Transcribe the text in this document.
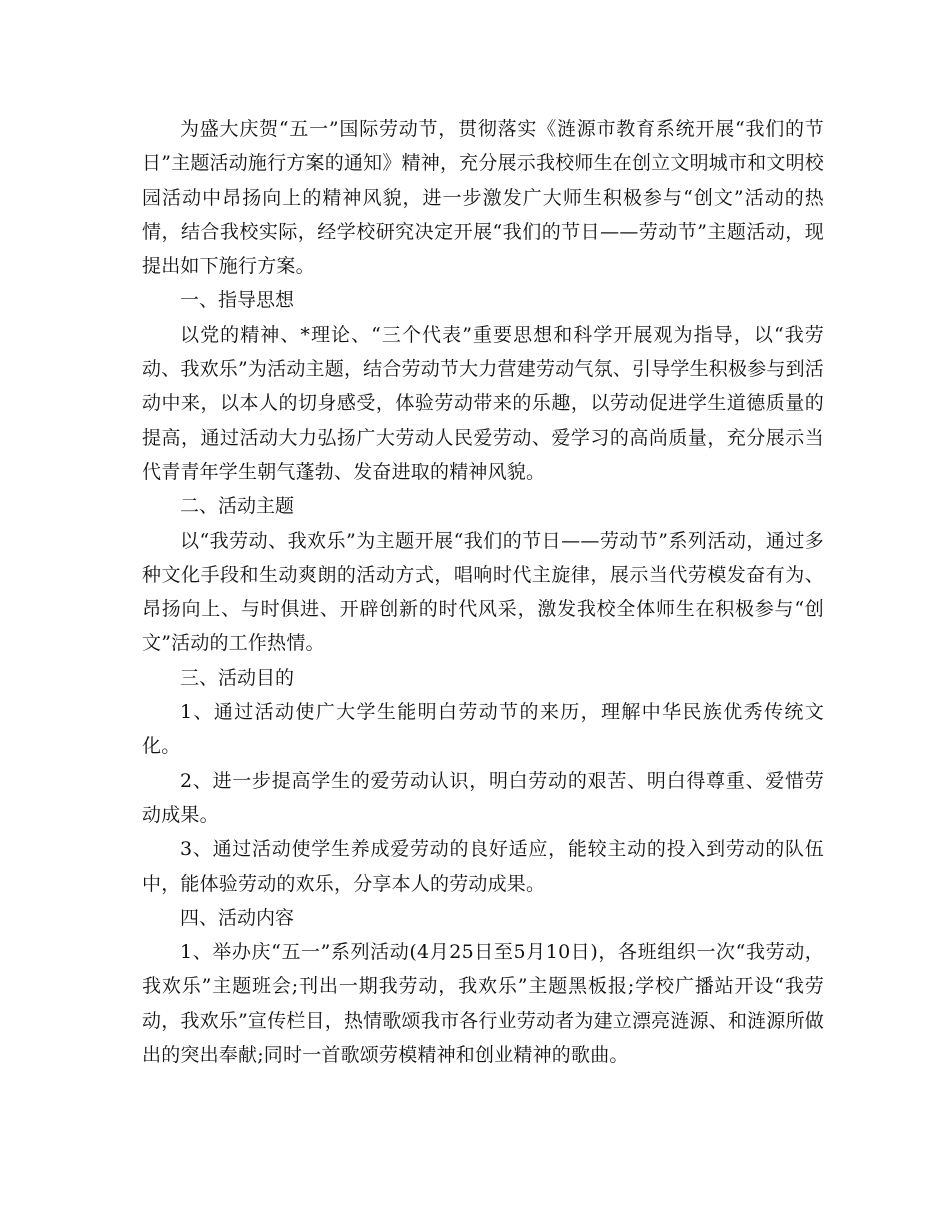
为盛大庆贺“五一”国际劳动节，贯彻落实《涟源市教育系统开展“我们的节日”主题活动施行方案的通知》精神，充分展示我校师生在创立文明城市和文明校园活动中昂扬向上的精神风貌，进一步激发广大师生积极参与“创文”活动的热情，结合我校实际，经学校研究决定开展“我们的节日——劳动节”主题活动，现提出如下施行方案。

一、指导思想

以党的精神、*理论、“三个代表”重要思想和科学开展观为指导，以“我劳动、我欢乐”为活动主题，结合劳动节大力营建劳动气氛、引导学生积极参与到活动中来，以本人的切身感受，体验劳动带来的乐趣，以劳动促进学生道德质量的提高，通过活动大力弘扬广大劳动人民爱劳动、爱学习的高尚质量，充分展示当代青青年学生朝气蓬勃、发奋进取的精神风貌。

二、活动主题

以“我劳动、我欢乐”为主题开展“我们的节日——劳动节”系列活动，通过多种文化手段和生动爽朗的活动方式，唱响时代主旋律，展示当代劳模发奋有为、昂扬向上、与时俱进、开辟创新的时代风采，激发我校全体师生在积极参与“创文”活动的工作热情。

三、活动目的

1、通过活动使广大学生能明白劳动节的来历，理解中华民族优秀传统文化。

2、进一步提高学生的爱劳动认识，明白劳动的艰苦、明白得尊重、爱惜劳动成果。

3、通过活动使学生养成爱劳动的良好适应，能较主动的投入到劳动的队伍中，能体验劳动的欢乐，分享本人的劳动成果。

四、活动内容

1、举办庆“五一”系列活动(4月25日至5月10日)，各班组织一次“我劳动，我欢乐”主题班会;刊出一期我劳动，我欢乐”主题黑板报;学校广播站开设“我劳动，我欢乐”宣传栏目，热情歌颂我市各行业劳动者为建立漂亮涟源、和涟源所做出的突出奉献;同时一首歌颂劳模精神和创业精神的歌曲。
